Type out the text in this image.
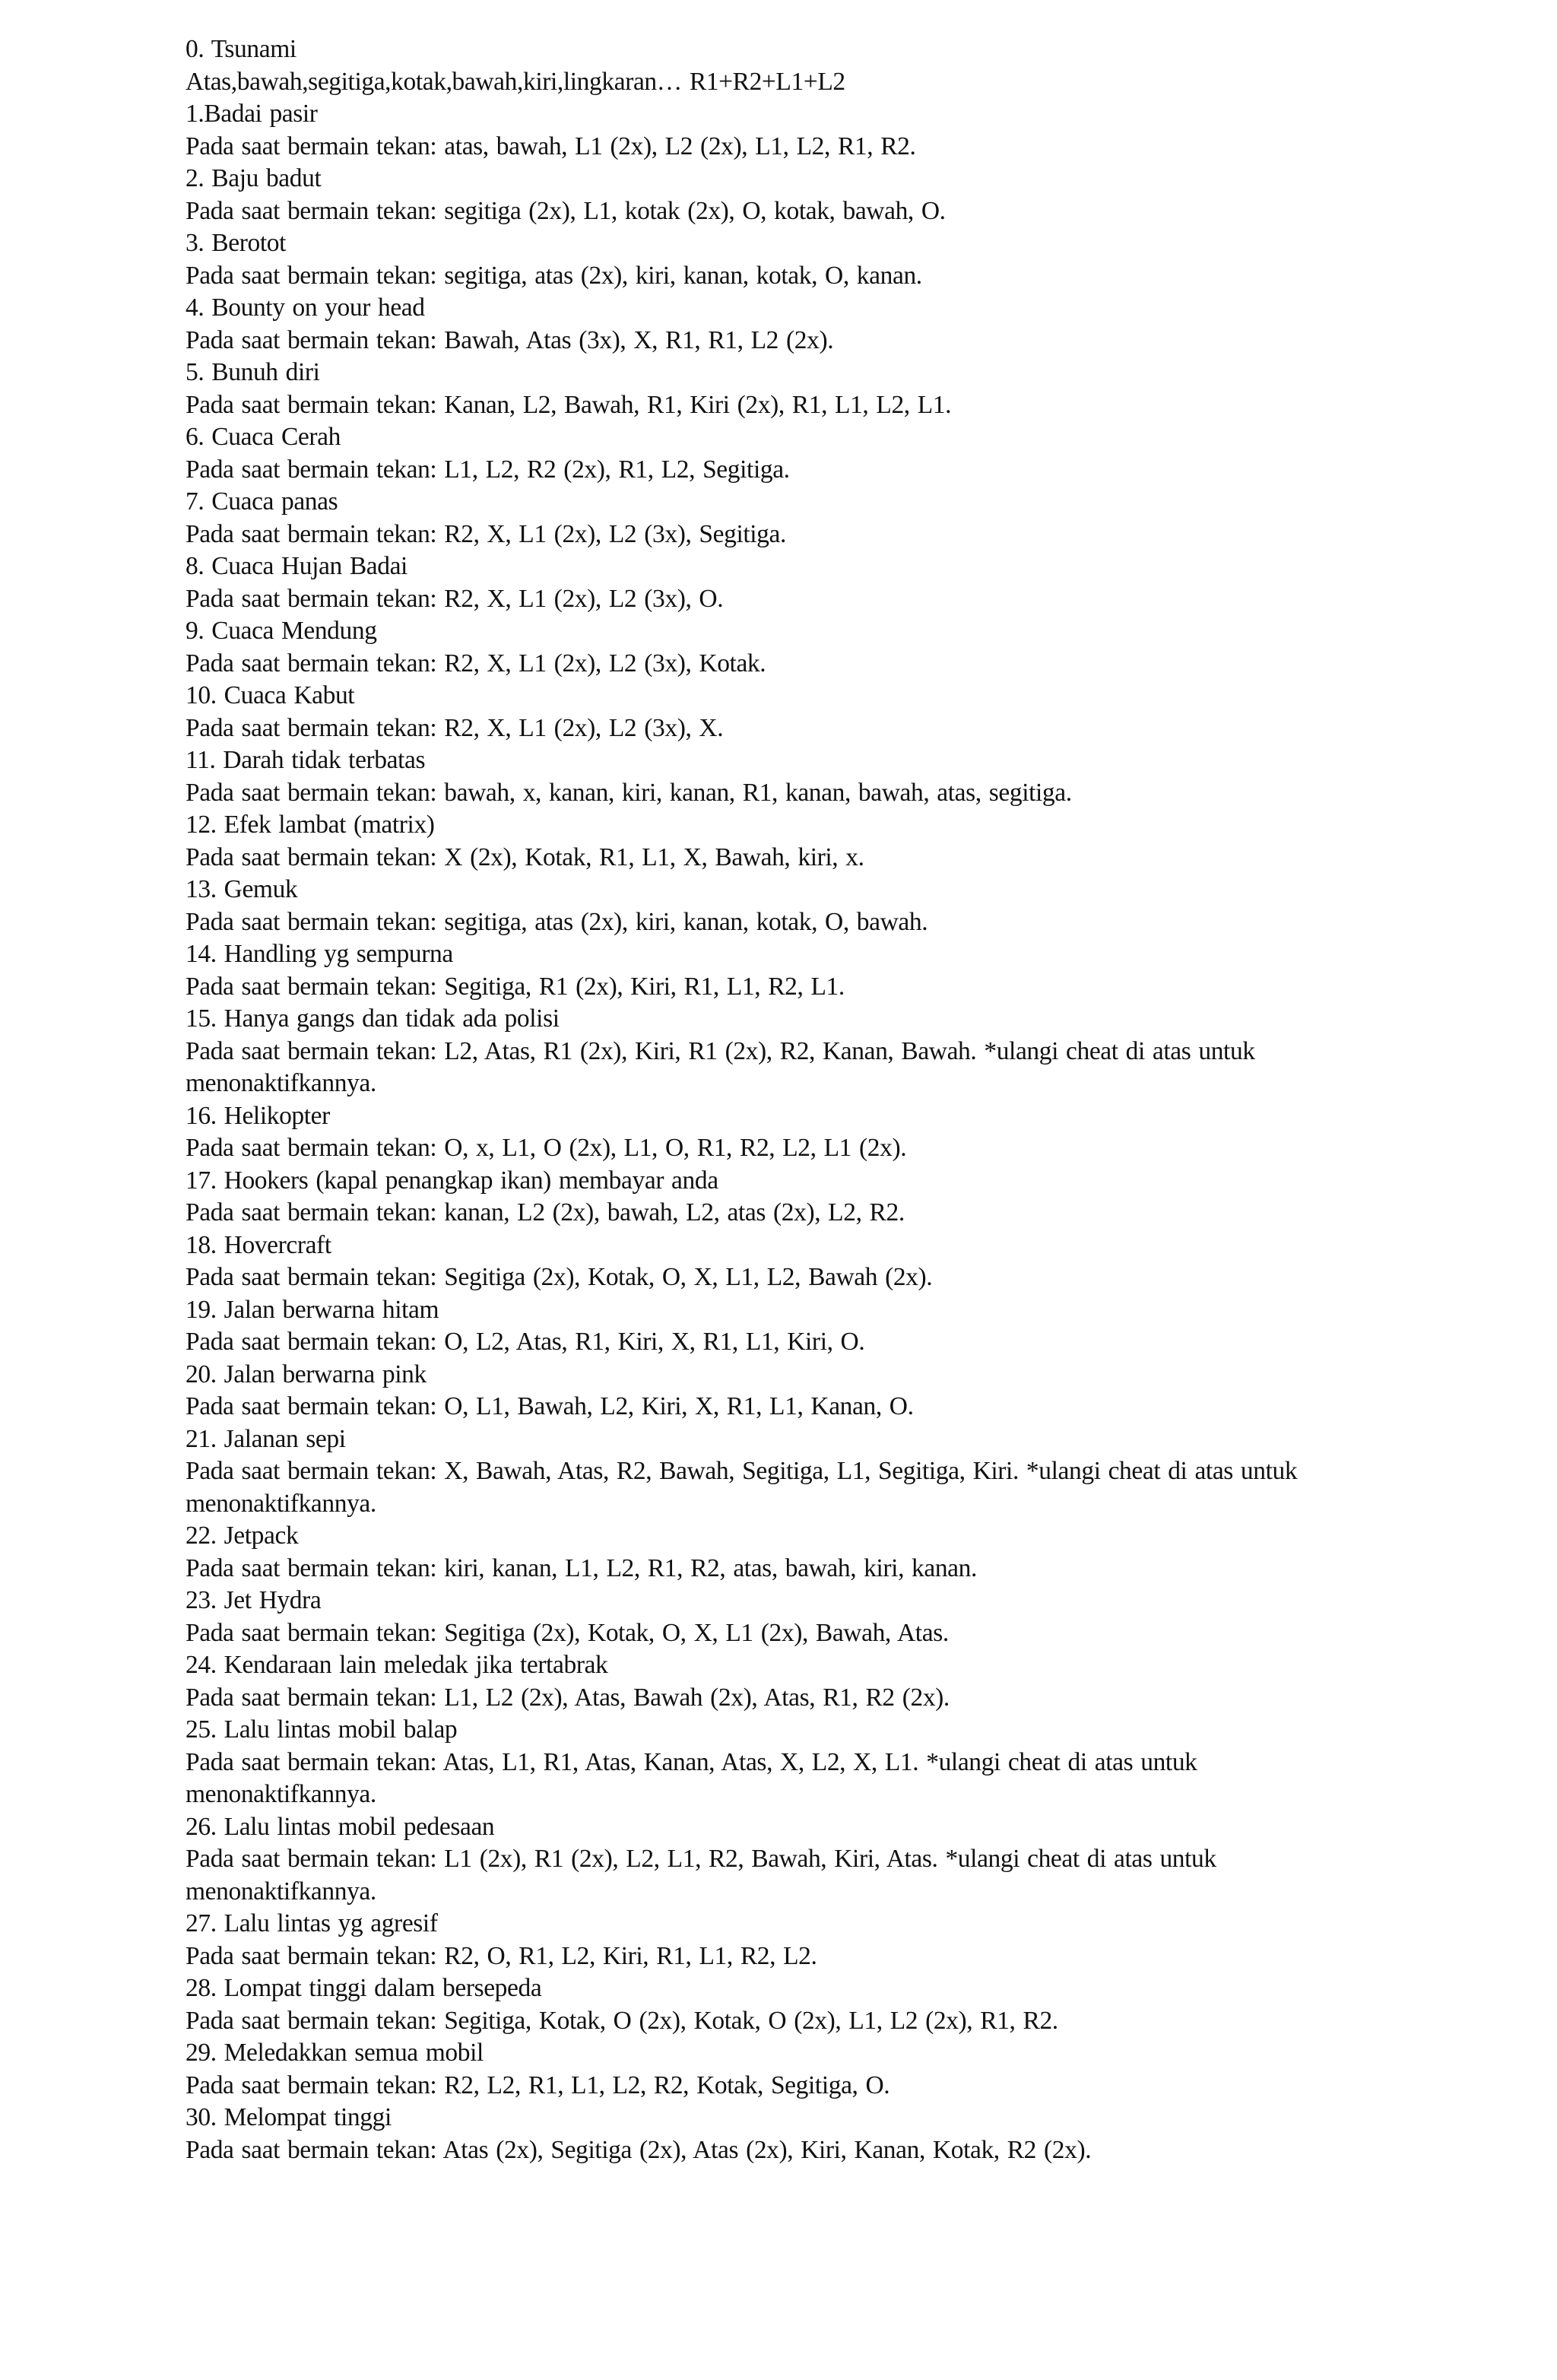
0. Tsunami

Atas,bawah,segitiga,kotak,bawah,kiri,lingkaran… R1+R2+L1+L2

1.Badai pasir

Pada saat bermain tekan: atas, bawah, L1 (2x), L2 (2x), L1, L2, R1, R2.

2. Baju badut

Pada saat bermain tekan: segitiga (2x), L1, kotak (2x), O, kotak, bawah, O.

3. Berotot

Pada saat bermain tekan: segitiga, atas (2x), kiri, kanan, kotak, O, kanan.

4. Bounty on your head

Pada saat bermain tekan: Bawah, Atas (3x), X, R1, R1, L2 (2x).

5. Bunuh diri

Pada saat bermain tekan: Kanan, L2, Bawah, R1, Kiri (2x), R1, L1, L2, L1.

6. Cuaca Cerah

Pada saat bermain tekan: L1, L2, R2 (2x), R1, L2, Segitiga.

7. Cuaca panas

Pada saat bermain tekan: R2, X, L1 (2x), L2 (3x), Segitiga.

8. Cuaca Hujan Badai

Pada saat bermain tekan: R2, X, L1 (2x), L2 (3x), O.

9. Cuaca Mendung

Pada saat bermain tekan: R2, X, L1 (2x), L2 (3x), Kotak.

10. Cuaca Kabut

Pada saat bermain tekan: R2, X, L1 (2x), L2 (3x), X.

11. Darah tidak terbatas

Pada saat bermain tekan: bawah, x, kanan, kiri, kanan, R1, kanan, bawah, atas, segitiga.

12. Efek lambat (matrix)

Pada saat bermain tekan: X (2x), Kotak, R1, L1, X, Bawah, kiri, x.

13. Gemuk

Pada saat bermain tekan: segitiga, atas (2x), kiri, kanan, kotak, O, bawah.

14. Handling yg sempurna

Pada saat bermain tekan: Segitiga, R1 (2x), Kiri, R1, L1, R2, L1.

15. Hanya gangs dan tidak ada polisi

Pada saat bermain tekan: L2, Atas, R1 (2x), Kiri, R1 (2x), R2, Kanan, Bawah. *ulangi cheat di atas untuk menonaktifkannya.

16. Helikopter

Pada saat bermain tekan: O, x, L1, O (2x), L1, O, R1, R2, L2, L1 (2x).

17. Hookers (kapal penangkap ikan) membayar anda

Pada saat bermain tekan: kanan, L2 (2x), bawah, L2, atas (2x), L2, R2.

18. Hovercraft

Pada saat bermain tekan: Segitiga (2x), Kotak, O, X, L1, L2, Bawah (2x).

19. Jalan berwarna hitam

Pada saat bermain tekan: O, L2, Atas, R1, Kiri, X, R1, L1, Kiri, O.

20. Jalan berwarna pink

Pada saat bermain tekan: O, L1, Bawah, L2, Kiri, X, R1, L1, Kanan, O.

21. Jalanan sepi

Pada saat bermain tekan: X, Bawah, Atas, R2, Bawah, Segitiga, L1, Segitiga, Kiri. *ulangi cheat di atas untuk menonaktifkannya.

22. Jetpack

Pada saat bermain tekan: kiri, kanan, L1, L2, R1, R2, atas, bawah, kiri, kanan.

23. Jet Hydra

Pada saat bermain tekan: Segitiga (2x), Kotak, O, X, L1 (2x), Bawah, Atas.

24. Kendaraan lain meledak jika tertabrak

Pada saat bermain tekan: L1, L2 (2x), Atas, Bawah (2x), Atas, R1, R2 (2x).

25. Lalu lintas mobil balap

Pada saat bermain tekan: Atas, L1, R1, Atas, Kanan, Atas, X, L2, X, L1. *ulangi cheat di atas untuk menonaktifkannya.

26. Lalu lintas mobil pedesaan

Pada saat bermain tekan: L1 (2x), R1 (2x), L2, L1, R2, Bawah, Kiri, Atas. *ulangi cheat di atas untuk menonaktifkannya.

27. Lalu lintas yg agresif

Pada saat bermain tekan: R2, O, R1, L2, Kiri, R1, L1, R2, L2.

28. Lompat tinggi dalam bersepeda

Pada saat bermain tekan: Segitiga, Kotak, O (2x), Kotak, O (2x), L1, L2 (2x), R1, R2.

29. Meledakkan semua mobil

Pada saat bermain tekan: R2, L2, R1, L1, L2, R2, Kotak, Segitiga, O.

30. Melompat tinggi

Pada saat bermain tekan: Atas (2x), Segitiga (2x), Atas (2x), Kiri, Kanan, Kotak, R2 (2x).
